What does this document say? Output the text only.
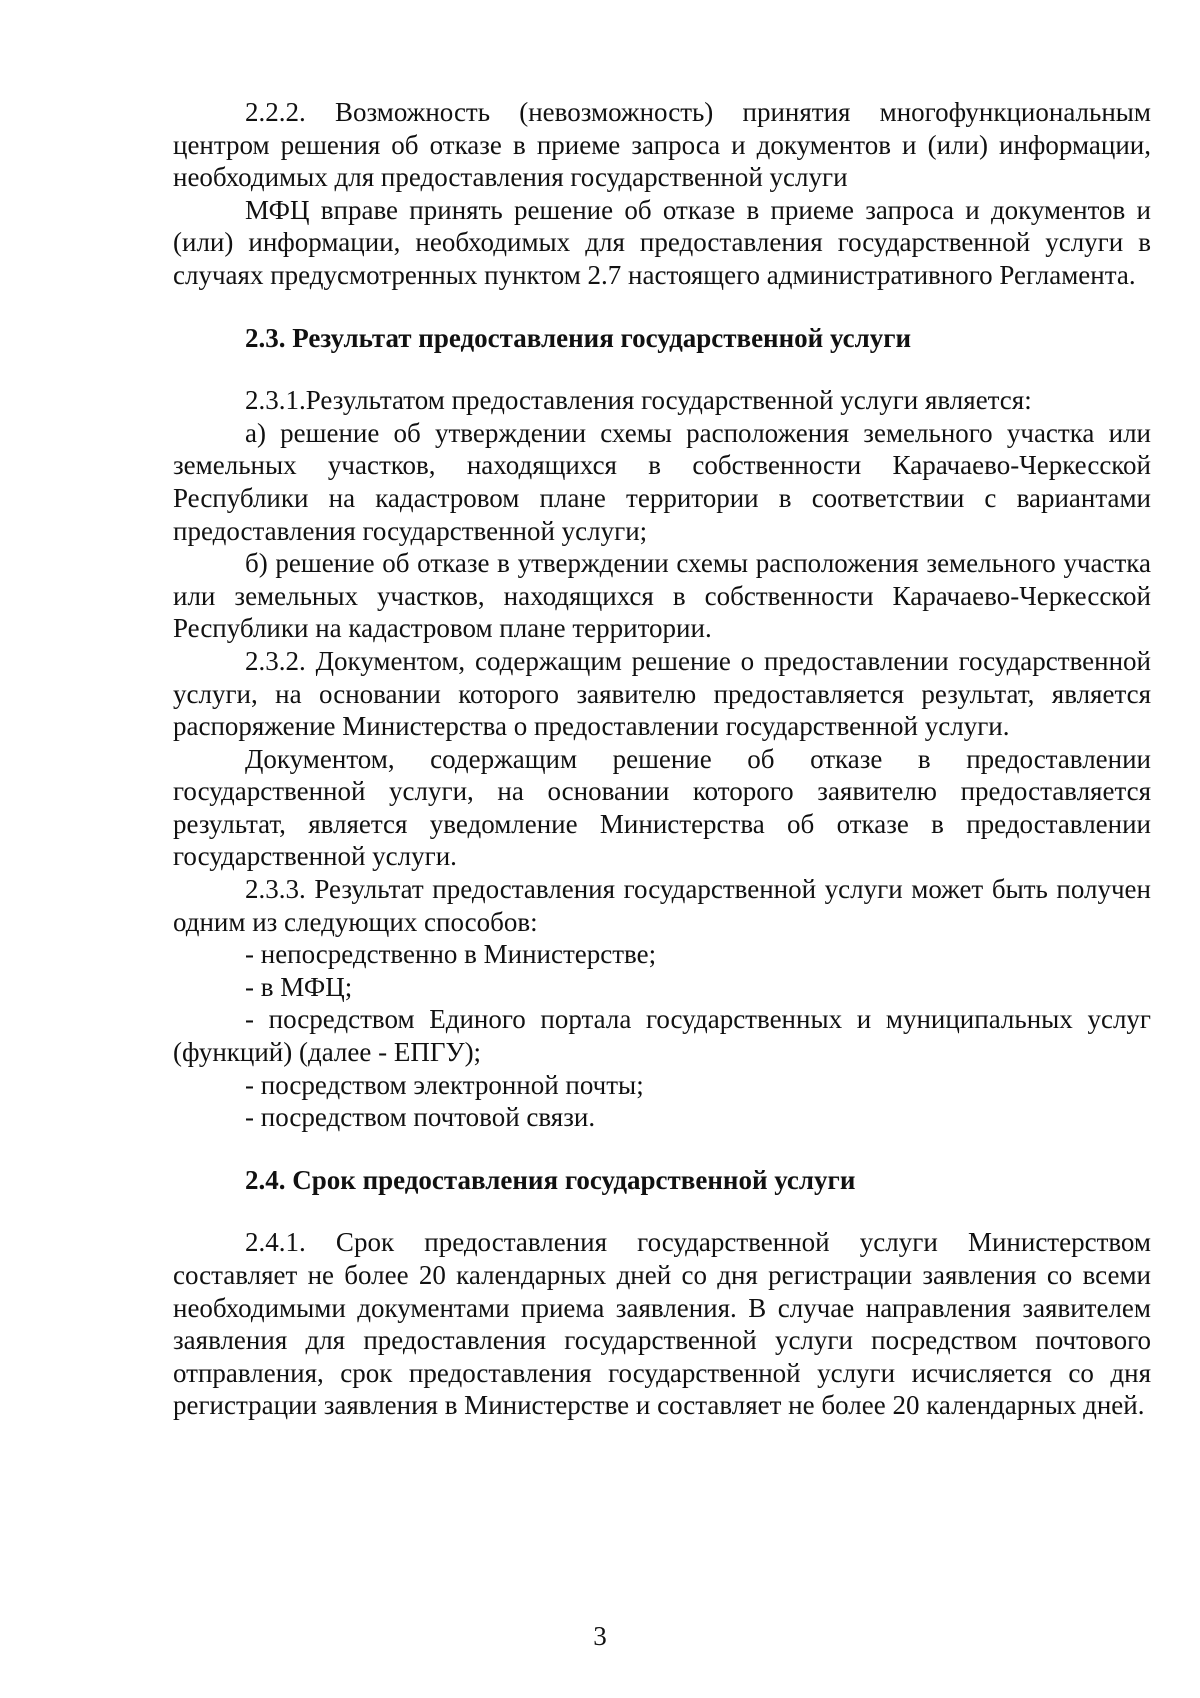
2.2.2. Возможность (невозможность) принятия многофункциональным центром решения об отказе в приеме запроса и документов и (или) информации, необходимых для предоставления государственной услуги

МФЦ вправе принять решение об отказе в приеме запроса и документов и (или) информации, необходимых для предоставления государственной услуги в случаях предусмотренных пунктом 2.7 настоящего административного Регламента.

2.3. Результат предоставления государственной услуги

2.3.1.Результатом предоставления государственной услуги является:

а) решение об утверждении схемы расположения земельного участка или земельных участков, находящихся в собственности Карачаево-Черкесской Республики на кадастровом плане территории в соответствии с вариантами предоставления государственной услуги;

б) решение об отказе в утверждении схемы расположения земельного участка или земельных участков, находящихся в собственности Карачаево-Черкесской Республики на кадастровом плане территории.

2.3.2. Документом, содержащим решение о предоставлении государственной услуги, на основании которого заявителю предоставляется результат, является распоряжение Министерства о предоставлении государственной услуги.

Документом, содержащим решение об отказе в предоставлении государственной услуги, на основании которого заявителю предоставляется результат, является уведомление Министерства об отказе в предоставлении государственной услуги.

2.3.3. Результат предоставления государственной услуги может быть получен одним из следующих способов:

- непосредственно в Министерстве;

- в МФЦ;

- посредством Единого портала государственных и муниципальных услуг (функций) (далее - ЕПГУ);

- посредством электронной почты;

- посредством почтовой связи.

2.4. Срок предоставления государственной услуги

2.4.1. Срок предоставления государственной услуги Министерством составляет не более 20 календарных дней со дня регистрации заявления со всеми необходимыми документами приема заявления. В случае направления заявителем заявления для предоставления государственной услуги посредством почтового отправления, срок предоставления государственной услуги исчисляется со дня регистрации заявления в Министерстве и составляет не более 20 календарных дней.

3
